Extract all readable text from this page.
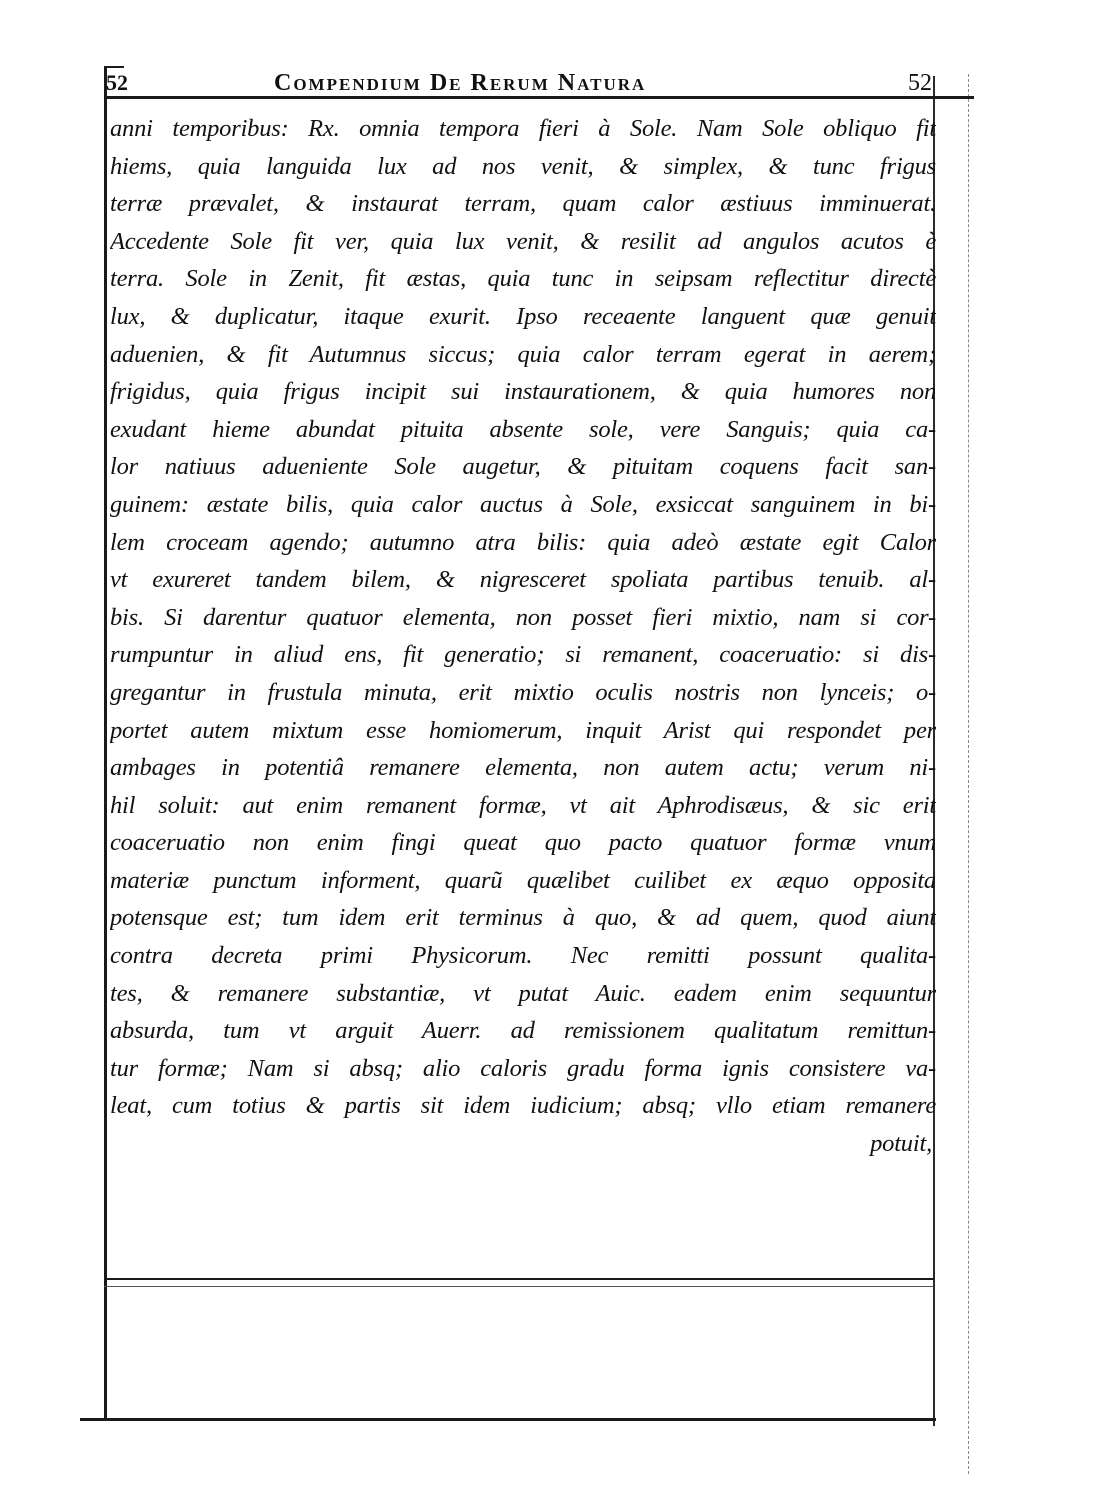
52	Compendium De Rerum Natura	52
anni temporibus: Rx. omnia tempora fieri à Sole. Nam Sole obliquo fit
hiems, quia languida lux ad nos venit, & simplex, & tunc frigus
terræ prævalet, & instaurat terram, quam calor æstiuus imminuerat.
Accedente Sole fit ver, quia lux venit, & resilit ad angulos acutos è
terra. Sole in Zenit, fit æstas, quia tunc in seipsam reflectitur directè
lux, & duplicatur, itaque exurit. Ipso receaente languent quæ genuit
aduenien, & fit Autumnus siccus; quia calor terram egerat in aerem;
frigidus, quia frigus incipit sui instaurationem, & quia humores non
exudant hieme abundat pituita absente sole, vere Sanguis; quia ca-
lor natiuus adueniente Sole augetur, & pituitam coquens facit san-
guinem: æstate bilis, quia calor auctus à Sole, exsiccat sanguinem in bi-
lem croceam agendo; autumno atra bilis: quia adeò æstate egit Calor
vt exureret tandem bilem, & nigresceret spoliata partibus tenuib. al-
bis. Si darentur quatuor elementa, non posset fieri mixtio, nam si cor-
rumpuntur in aliud ens, fit generatio; si remanent, coaceruatio: si dis-
gregantur in frustula minuta, erit mixtio oculis nostris non lynceis; o-
portet autem mixtum esse homiomerum, inquit Arist qui respondet per
ambages in potentiâ remanere elementa, non autem actu; verum ni-
hil soluit: aut enim remanent formæ, vt ait Aphrodisæus, & sic erit
coaceruatio non enim fingi queat quo pacto quatuor formæ vnum
materiæ punctum informent, quarũ quælibet cuilibet ex æquo opposita
potensque est; tum idem erit terminus à quo, & ad quem, quod aiunt
contra decreta primi Physicorum. Nec remitti possunt qualita-
tes, & remanere substantiæ, vt putat Auic. eadem enim sequuntur
absurda, tum vt arguit Auerr. ad remissionem qualitatum remittun-
tur formæ; Nam si absq; alio caloris gradu forma ignis consistere va-
leat, cum totius & partis sit idem iudicium; absq; vllo etiam remanere
potuit,
